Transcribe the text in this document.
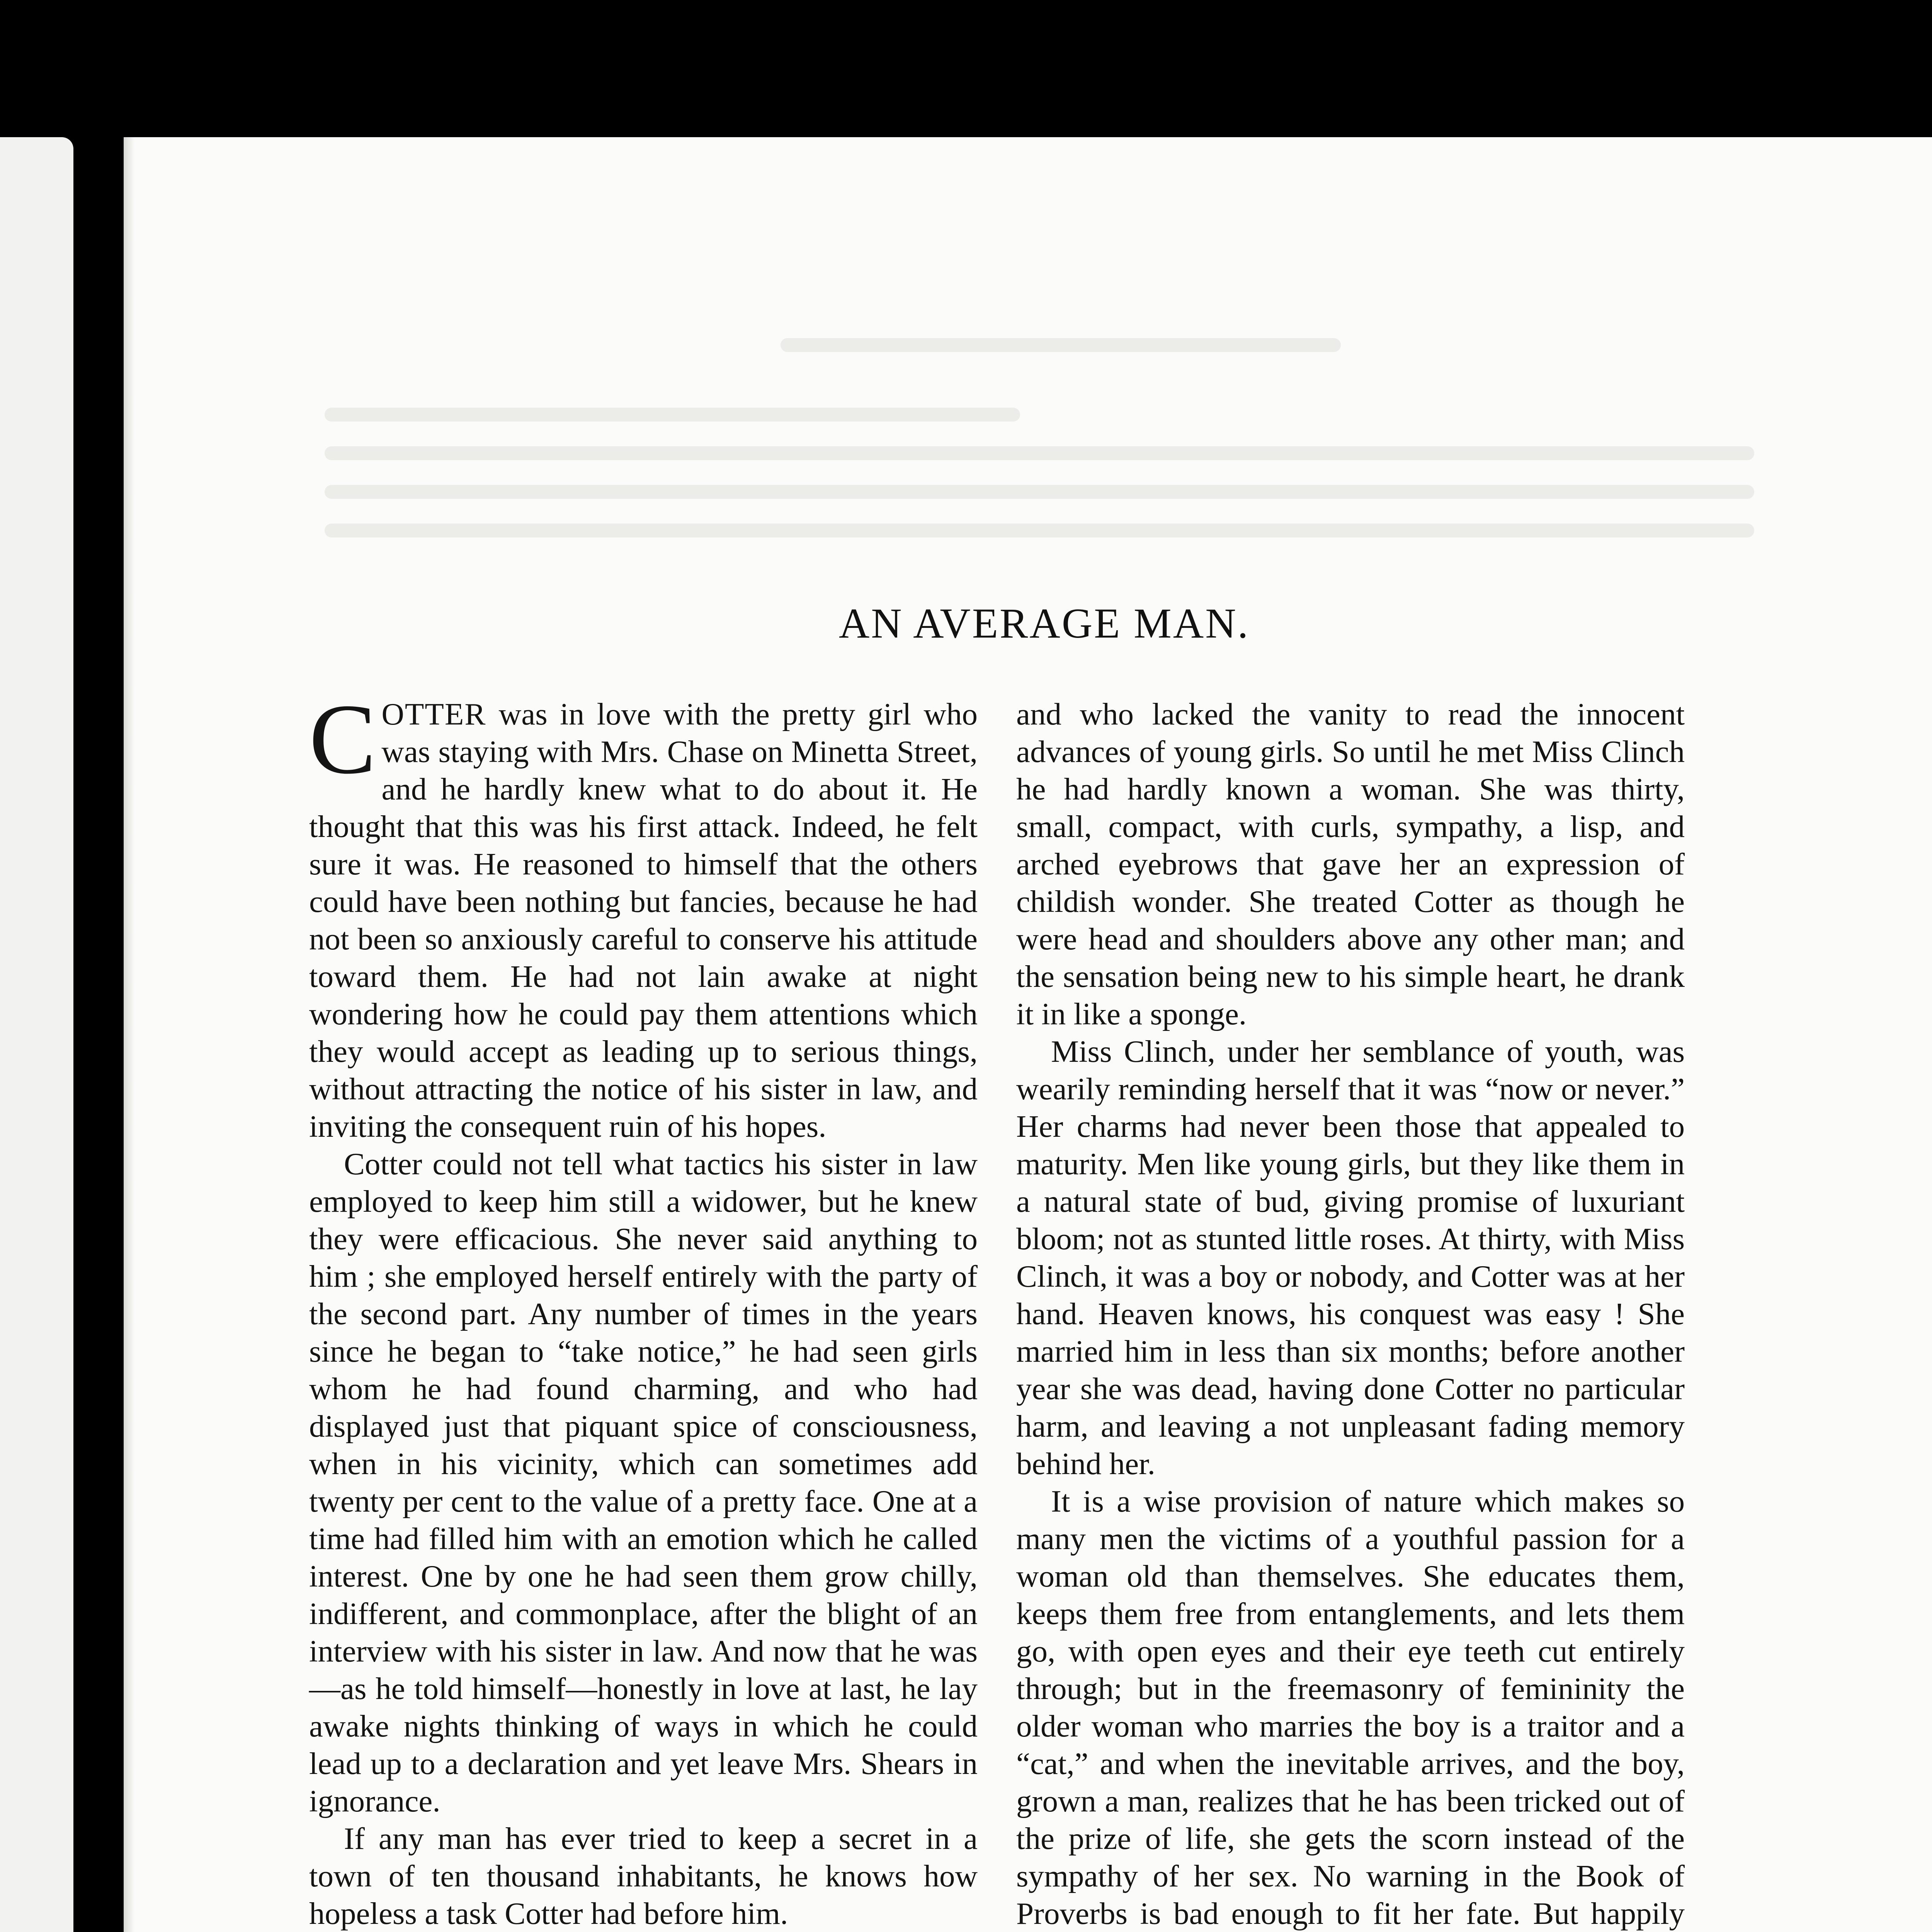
AN AVERAGE MAN.

COTTER was in love with the pretty girl who was staying with Mrs. Chase on Minetta Street, and he hardly knew what to do about it. He thought that this was his first attack. Indeed, he felt sure it was. He reasoned to himself that the others could have been nothing but fancies, because he had not been so anxiously careful to conserve his attitude toward them. He had not lain awake at night wondering how he could pay them attentions which they would accept as leading up to serious things, without attracting the notice of his sister in law, and inviting the consequent ruin of his hopes.

Cotter could not tell what tactics his sister in law employed to keep him still a widower, but he knew they were efficacious. She never said anything to him ; she employed herself entirely with the party of the second part. Any number of times in the years since he began to “take notice,” he had seen girls whom he had found charming, and who had displayed just that piquant spice of consciousness, when in his vicinity, which can sometimes add twenty per cent to the value of a pretty face. One at a time had filled him with an emotion which he called interest. One by one he had seen them grow chilly, indifferent, and commonplace, after the blight of an interview with his sister in law. And now that he was—as he told himself—honestly in love at last, he lay awake nights thinking of ways in which he could lead up to a declaration and yet leave Mrs. Shears in ignorance.

If any man has ever tried to keep a secret in a town of ten thousand inhabitants, he knows how hopeless a task Cotter had before him.

and who lacked the vanity to read the innocent advances of young girls. So until he met Miss Clinch he had hardly known a woman. She was thirty, small, compact, with curls, sympathy, a lisp, and arched eyebrows that gave her an expression of childish wonder. She treated Cotter as though he were head and shoulders above any other man; and the sensation being new to his simple heart, he drank it in like a sponge.

Miss Clinch, under her semblance of youth, was wearily reminding herself that it was “now or never.” Her charms had never been those that appealed to maturity. Men like young girls, but they like them in a natural state of bud, giving promise of luxuriant bloom; not as stunted little roses. At thirty, with Miss Clinch, it was a boy or nobody, and Cotter was at her hand. Heaven knows, his conquest was easy ! She married him in less than six months; before another year she was dead, having done Cotter no particular harm, and leaving a not unpleasant fading memory behind her.

It is a wise provision of nature which makes so many men the victims of a youthful passion for a woman old than themselves. She educates them, keeps them free from entanglements, and lets them go, with open eyes and their eye teeth cut entirely through; but in the freemasonry of femininity the older woman who marries the boy is a traitor and a “cat,” and when the inevitable arrives, and the boy, grown a man, realizes that he has been tricked out of the prize of life, she gets the scorn instead of the sympathy of her sex. No warning in the Book of Proverbs is bad enough to fit her fate. But happily
